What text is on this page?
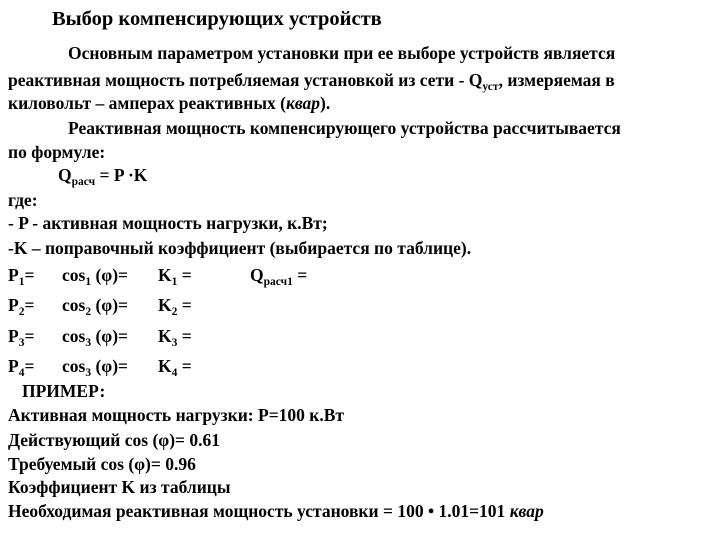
Выбор компенсирующих устройств
Основным параметром установки при ее выборе устройств является
реактивная мощность потребляемая установкой из сети - $Q_{уст}$, измеряемая в
киловольт – амперах реактивных (квар).
Реактивная мощность компенсирующего устройства рассчитывается
по формуле:
$Q_{расч} = P \cdot K$
где:
- P - активная мощность нагрузки, к.Вт;
-K – поправочный коэффициент (выбирается по таблице).
$P_1= \cos_1 (\varphi)= K_1$ =	$Q_{расч1}$ =
$P_2= \cos_2 (\varphi)= K_2$ =
$P_3= \cos_3 (\varphi)= K_3$ =
$P_4= \cos_3 (\varphi)= K_4$ =
ПРИМЕР:
Активная мощность нагрузки: P=100 к.Вт
Действующий cos (φ)= 0.61
Требуемый cos (φ)= 0.96
Коэффициент K из таблицы
Необходимая реактивная мощность установки = 100 • 1.01=101 квар
